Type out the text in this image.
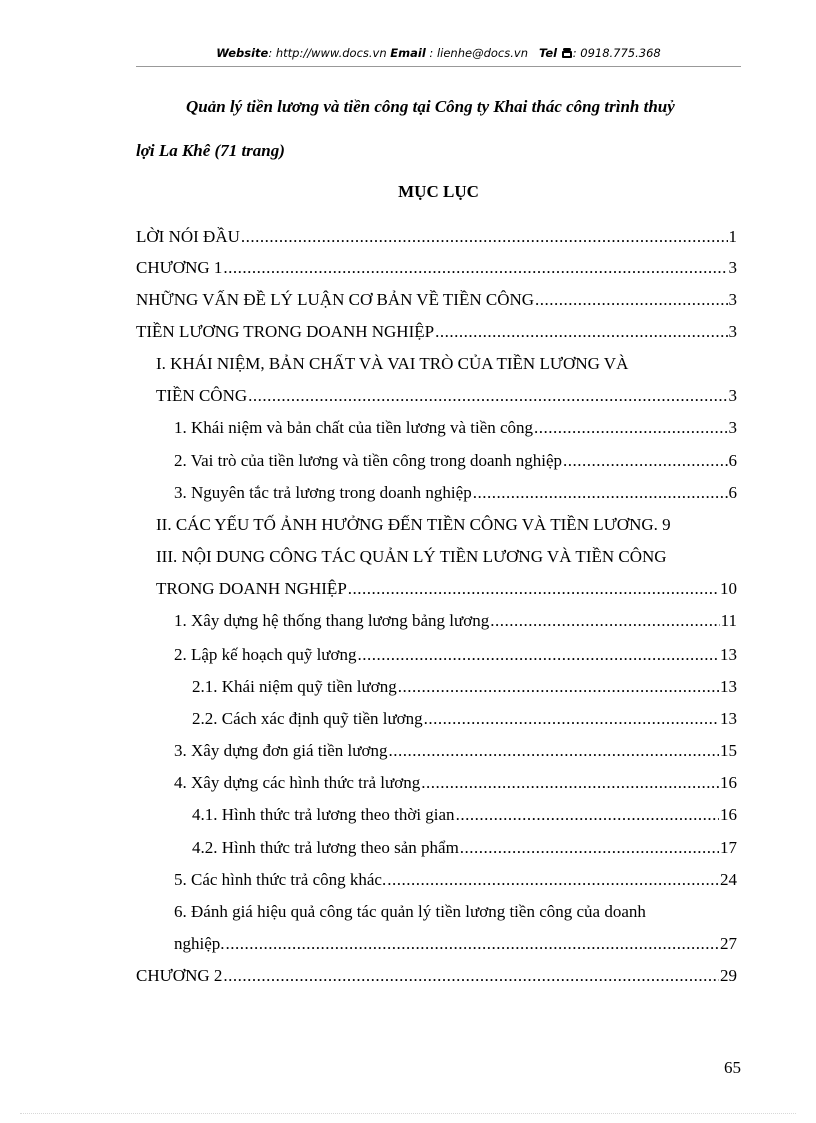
Website: http://www.docs.vn Email : lienhe@docs.vn Tel : 0918.775.368
Quản lý tiền lương và tiền công tại Công ty Khai thác công trình thuỷ
lợi La Khê (71 trang)
MỤC LỤC
LỜI NÓI ĐẦU .....	1
CHƯƠNG 1 .....	3
NHỮNG VẤN ĐỀ LÝ LUẬN CƠ BẢN VỀ TIỀN CÔNG .....	3
TIỀN LƯƠNG TRONG DOANH NGHIỆP .....	3
I. KHÁI NIỆM, BẢN CHẤT VÀ VAI TRÒ CỦA TIỀN LƯƠNG VÀ
TIỀN CÔNG .....	3
1. Khái niệm và bản chất của tiền lương và tiền công .....	3
2. Vai trò của tiền lương và tiền công trong doanh nghiệp .....	6
3. Nguyên tắc trả lương trong doanh nghiệp .....	6
II. CÁC YẾU TỐ ẢNH HƯỞNG ĐẾN TIỀN CÔNG VÀ TIỀN LƯƠNG. 9
III. NỘI DUNG CÔNG TÁC QUẢN LÝ TIỀN LƯƠNG VÀ TIỀN CÔNG
TRONG DOANH NGHIỆP .....	10
1. Xây dựng hệ thống thang lương bảng lương .....	11
2. Lập kế hoạch quỹ lương .....	13
2.1. Khái niệm quỹ tiền lương .....	13
2.2. Cách xác định quỹ tiền lương .....	13
3. Xây dựng đơn giá tiền lương .....	15
4. Xây dựng các hình thức trả lương .....	16
4.1. Hình thức trả lương theo thời gian .....	16
4.2. Hình thức trả lương theo sản phẩm .....	17
5. Các hình thức trả công khác. .....	24
6. Đánh giá hiệu quả công tác quản lý tiền lương tiền công của doanh
nghiệp. .....	27
CHƯƠNG 2 .....	29
65
